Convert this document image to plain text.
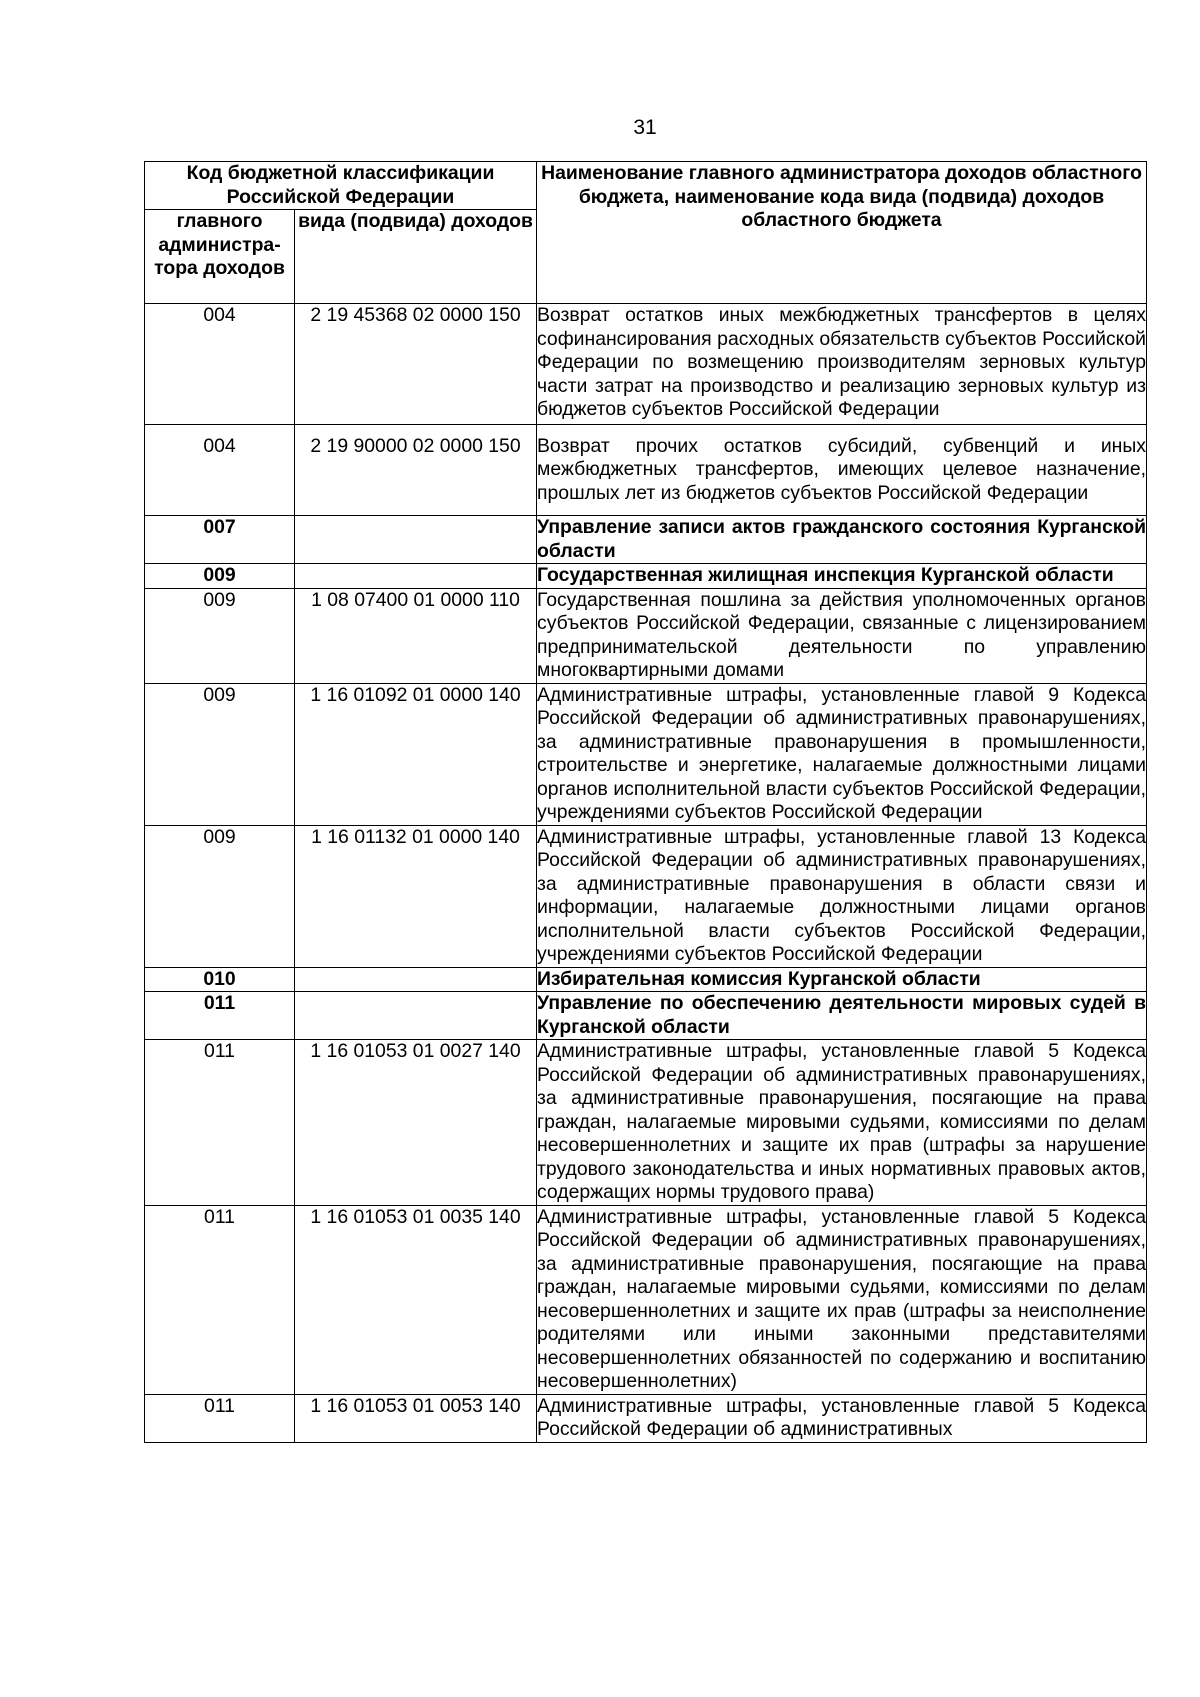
31
Код бюджетной классификации Российской Федерации		Наименование главного администратора доходов областного бюджета, наименование кода вида (подвида) доходов областного бюджета
главного администра-тора доходов	вида (подвида) доходов	
004	2 19 45368 02 0000 150	Возврат остатков иных межбюджетных трансфертов в целях софинансирования расходных обязательств субъектов Российской Федерации по возмещению производителям зерновых культур части затрат на производство и реализацию зерновых культур из бюджетов субъектов Российской Федерации
004	2 19 90000 02 0000 150	Возврат прочих остатков субсидий, субвенций и иных межбюджетных трансфертов, имеющих целевое назначение, прошлых лет из бюджетов субъектов Российской Федерации
007		Управление записи актов гражданского состояния Курганской области
009		Государственная жилищная инспекция Курганской области
009	1 08 07400 01 0000 110	Государственная пошлина за действия уполномоченных органов субъектов Российской Федерации, связанные с лицензированием предпринимательской деятельности по управлению многоквартирными домами
009	1 16 01092 01 0000 140	Административные штрафы, установленные главой 9 Кодекса Российской Федерации об административных правонарушениях, за административные правонарушения в промышленности, строительстве и энергетике, налагаемые должностными лицами органов исполнительной власти субъектов Российской Федерации, учреждениями субъектов Российской Федерации
009	1 16 01132 01 0000 140	Административные штрафы, установленные главой 13 Кодекса Российской Федерации об административных правонарушениях, за административные правонарушения в области связи и информации, налагаемые должностными лицами органов исполнительной власти субъектов Российской Федерации, учреждениями субъектов Российской Федерации
010		Избирательная комиссия Курганской области
011		Управление по обеспечению деятельности мировых судей в Курганской области
011	1 16 01053 01 0027 140	Административные штрафы, установленные главой 5 Кодекса Российской Федерации об административных правонарушениях, за административные правонарушения, посягающие на права граждан, налагаемые мировыми судьями, комиссиями по делам несовершеннолетних и защите их прав (штрафы за нарушение трудового законодательства и иных нормативных правовых актов, содержащих нормы трудового права)
011	1 16 01053 01 0035 140	Административные штрафы, установленные главой 5 Кодекса Российской Федерации об административных правонарушениях, за административные правонарушения, посягающие на права граждан, налагаемые мировыми судьями, комиссиями по делам несовершеннолетних и защите их прав (штрафы за неисполнение родителями или иными законными представителями несовершеннолетних обязанностей по содержанию и воспитанию несовершеннолетних)
011	1 16 01053 01 0053 140	Административные штрафы, установленные главой 5 Кодекса Российской Федерации об административных
